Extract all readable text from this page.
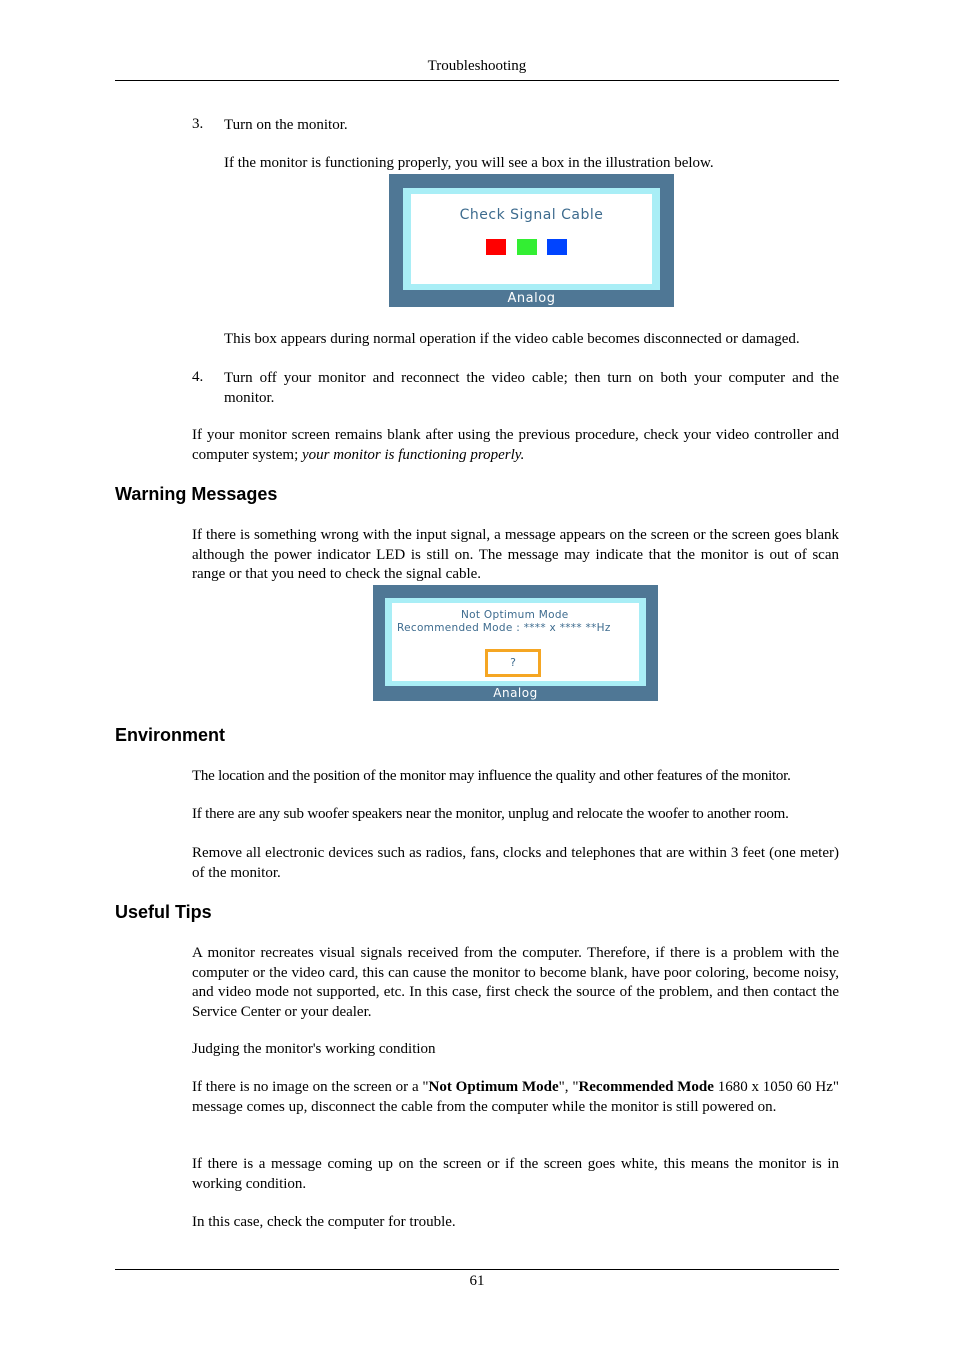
Troubleshooting
3. Turn on the monitor.
If the monitor is functioning properly, you will see a box in the illustration below.
Check Signal Cable
Analog
This box appears during normal operation if the video cable becomes disconnected or damaged.
4. Turn off your monitor and reconnect the video cable; then turn on both your computer and the monitor.
If your monitor screen remains blank after using the previous procedure, check your video controller and computer system; your monitor is functioning properly.
Warning Messages
If there is something wrong with the input signal, a message appears on the screen or the screen goes blank although the power indicator LED is still on. The message may indicate that the monitor is out of scan range or that you need to check the signal cable.
Not Optimum Mode
Recommended Mode : **** x **** **Hz
?
Analog
Environment
The location and the position of the monitor may influence the quality and other features of the monitor.
If there are any sub woofer speakers near the monitor, unplug and relocate the woofer to another room.
Remove all electronic devices such as radios, fans, clocks and telephones that are within 3 feet (one meter) of the monitor.
Useful Tips
A monitor recreates visual signals received from the computer. Therefore, if there is a problem with the computer or the video card, this can cause the monitor to become blank, have poor coloring, become noisy, and video mode not supported, etc. In this case, first check the source of the problem, and then contact the Service Center or your dealer.
Judging the monitor's working condition
If there is no image on the screen or a "Not Optimum Mode", "Recommended Mode 1680 x 1050 60 Hz" message comes up, disconnect the cable from the computer while the monitor is still powered on.
If there is a message coming up on the screen or if the screen goes white, this means the monitor is in working condition.
In this case, check the computer for trouble.
61
